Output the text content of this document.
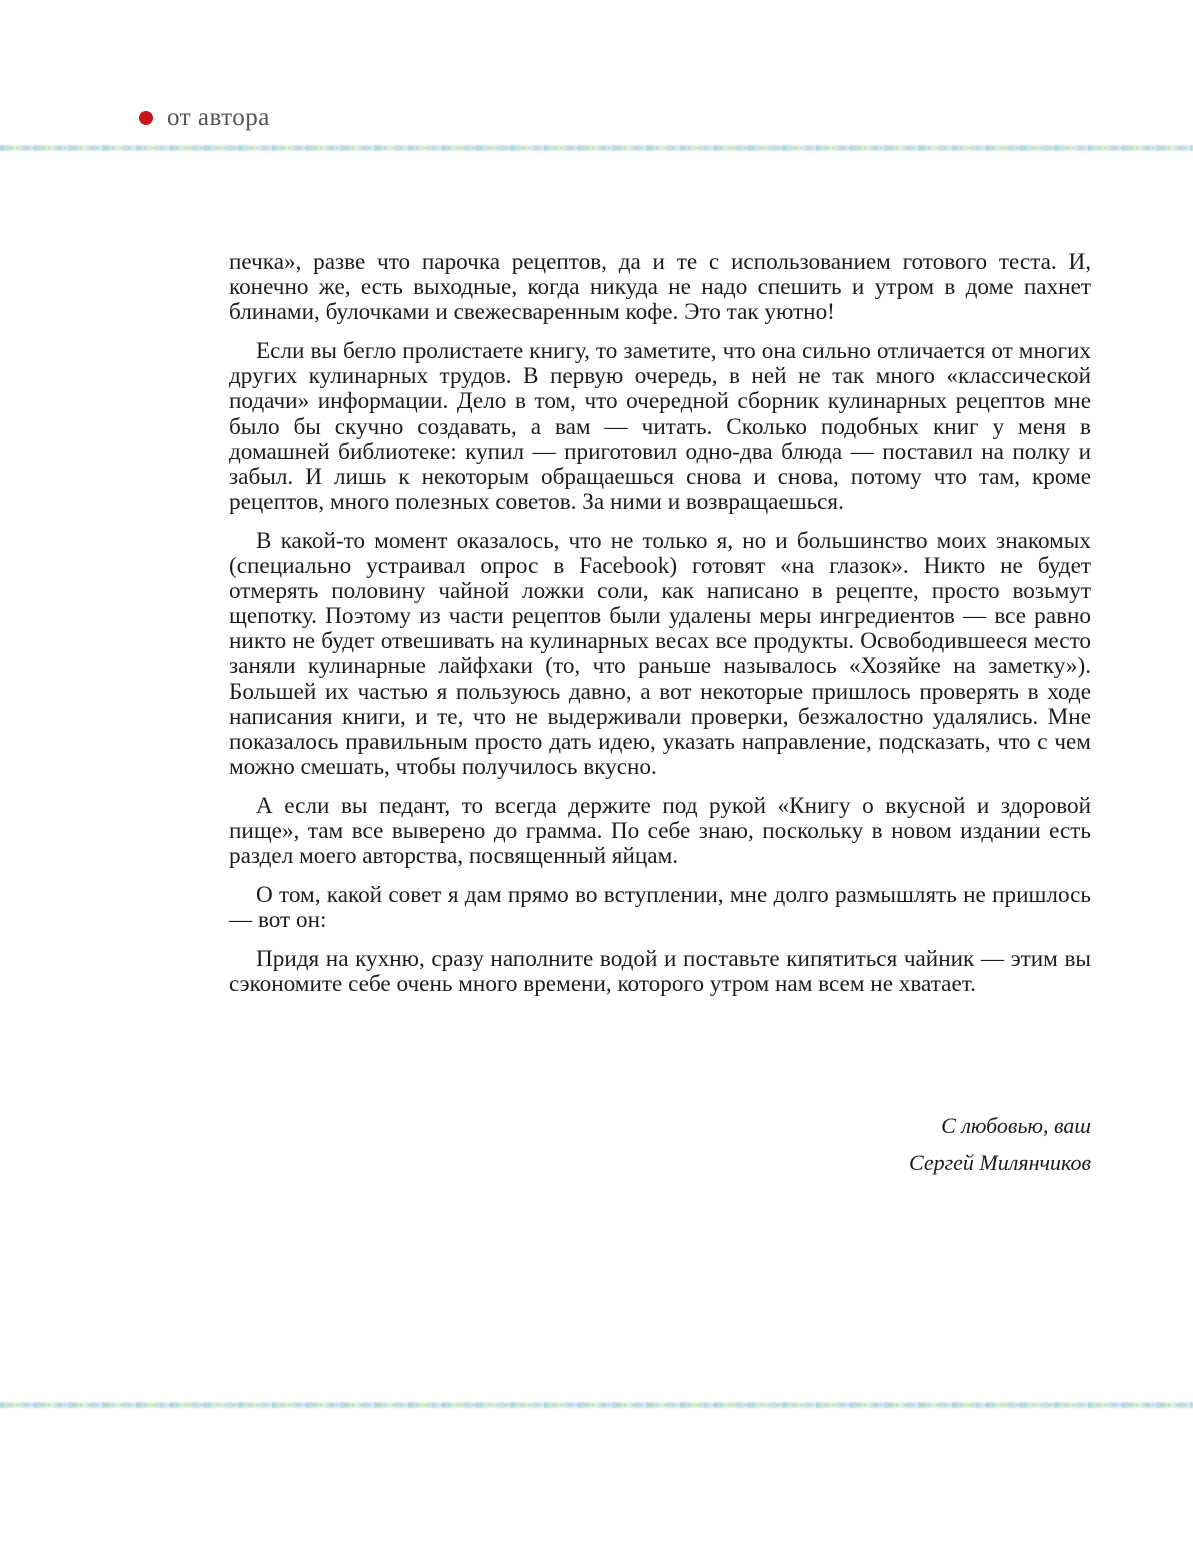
от автора

печка», разве что парочка рецептов, да и те с использованием готового теста. И, конечно же, есть выходные, когда никуда не надо спешить и утром в доме пахнет блинами, булочками и свежесваренным кофе. Это так уютно!

Если вы бегло пролистаете книгу, то заметите, что она сильно отличается от многих других кулинарных трудов. В первую очередь, в ней не так много «классической подачи» информации. Дело в том, что очередной сборник кулинарных рецептов мне было бы скучно создавать, а вам — читать. Сколько подобных книг у меня в домашней библиотеке: купил — приготовил одно-два блюда — поставил на полку и забыл. И лишь к некоторым обращаешься снова и снова, потому что там, кроме рецептов, много полезных советов. За ними и возвращаешься.

В какой-то момент оказалось, что не только я, но и большинство моих знакомых (специально устраивал опрос в Facebook) готовят «на глазок». Никто не будет отмерять половину чайной ложки соли, как написано в рецепте, просто возьмут щепотку. Поэтому из части рецептов были удалены меры ингредиентов — все равно никто не будет отвешивать на кулинарных весах все продукты. Освободившееся место заняли кулинарные лайфхаки (то, что раньше называлось «Хозяйке на заметку»). Большей их частью я пользуюсь давно, а вот некоторые пришлось проверять в ходе написания книги, и те, что не выдерживали проверки, безжалостно удалялись. Мне показалось правильным просто дать идею, указать направление, подсказать, что с чем можно смешать, чтобы получилось вкусно.

А если вы педант, то всегда держите под рукой «Книгу о вкусной и здоровой пище», там все выверено до грамма. По себе знаю, поскольку в новом издании есть раздел моего авторства, посвященный яйцам.

О том, какой совет я дам прямо во вступлении, мне долго размышлять не пришлось — вот он:

Придя на кухню, сразу наполните водой и поставьте кипятиться чайник — этим вы сэкономите себе очень много времени, которого утром нам всем не хватает.

С любовью, ваш
Сергей Милянчиков
